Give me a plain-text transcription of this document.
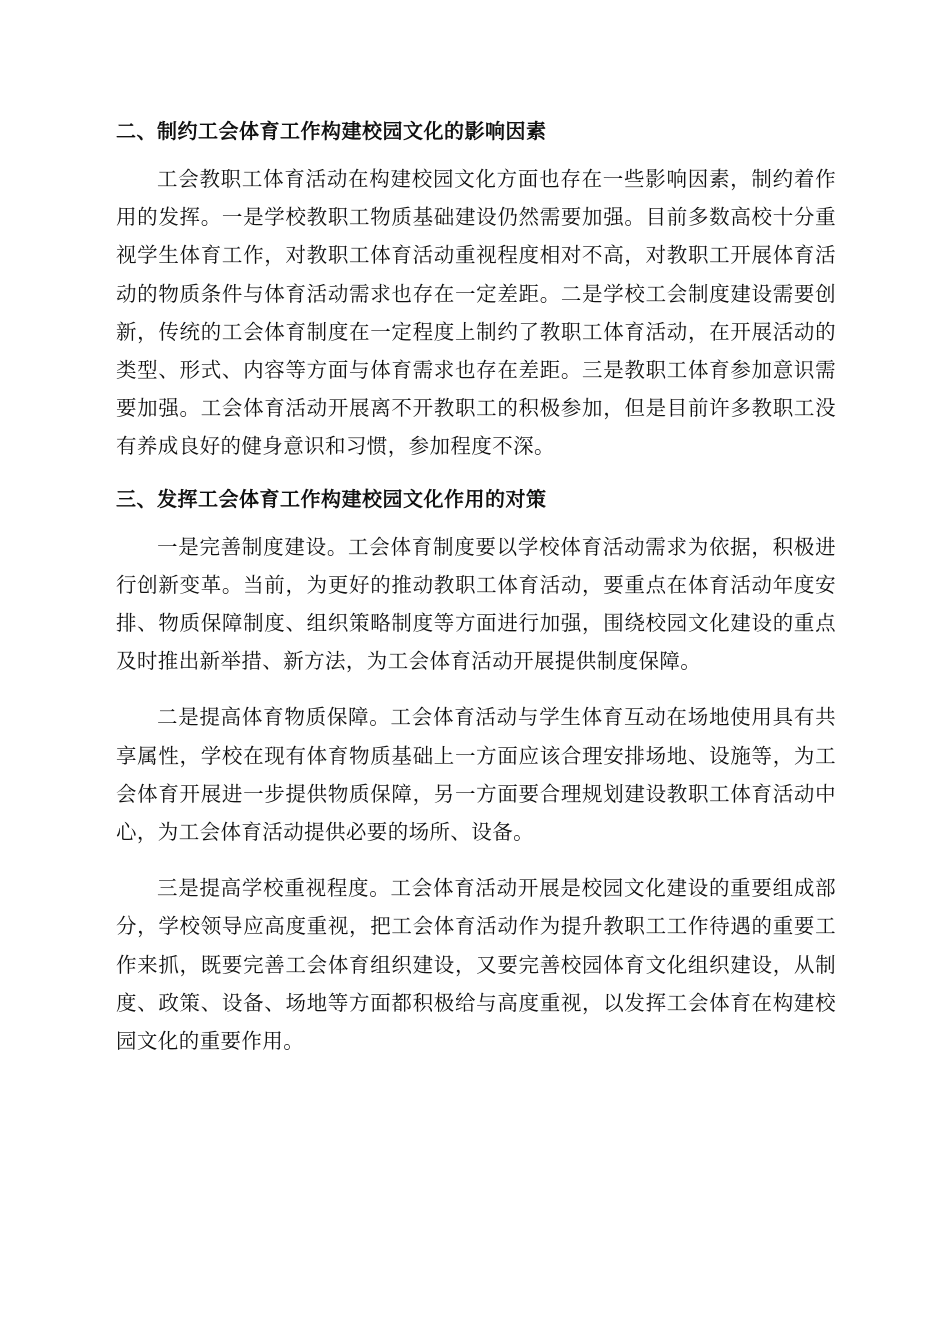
二、制约工会体育工作构建校园文化的影响因素

工会教职工体育活动在构建校园文化方面也存在一些影响因素，制约着作用的发挥。一是学校教职工物质基础建设仍然需要加强。目前多数高校十分重视学生体育工作，对教职工体育活动重视程度相对不高，对教职工开展体育活动的物质条件与体育活动需求也存在一定差距。二是学校工会制度建设需要创新，传统的工会体育制度在一定程度上制约了教职工体育活动，在开展活动的类型、形式、内容等方面与体育需求也存在差距。三是教职工体育参加意识需要加强。工会体育活动开展离不开教职工的积极参加，但是目前许多教职工没有养成良好的健身意识和习惯，参加程度不深。

三、发挥工会体育工作构建校园文化作用的对策

一是完善制度建设。工会体育制度要以学校体育活动需求为依据，积极进行创新变革。当前，为更好的推动教职工体育活动，要重点在体育活动年度安排、物质保障制度、组织策略制度等方面进行加强，围绕校园文化建设的重点及时推出新举措、新方法，为工会体育活动开展提供制度保障。

二是提高体育物质保障。工会体育活动与学生体育互动在场地使用具有共享属性，学校在现有体育物质基础上一方面应该合理安排场地、设施等，为工会体育开展进一步提供物质保障，另一方面要合理规划建设教职工体育活动中心，为工会体育活动提供必要的场所、设备。

三是提高学校重视程度。工会体育活动开展是校园文化建设的重要组成部分，学校领导应高度重视，把工会体育活动作为提升教职工工作待遇的重要工作来抓，既要完善工会体育组织建设，又要完善校园体育文化组织建设，从制度、政策、设备、场地等方面都积极给与高度重视，以发挥工会体育在构建校园文化的重要作用。
